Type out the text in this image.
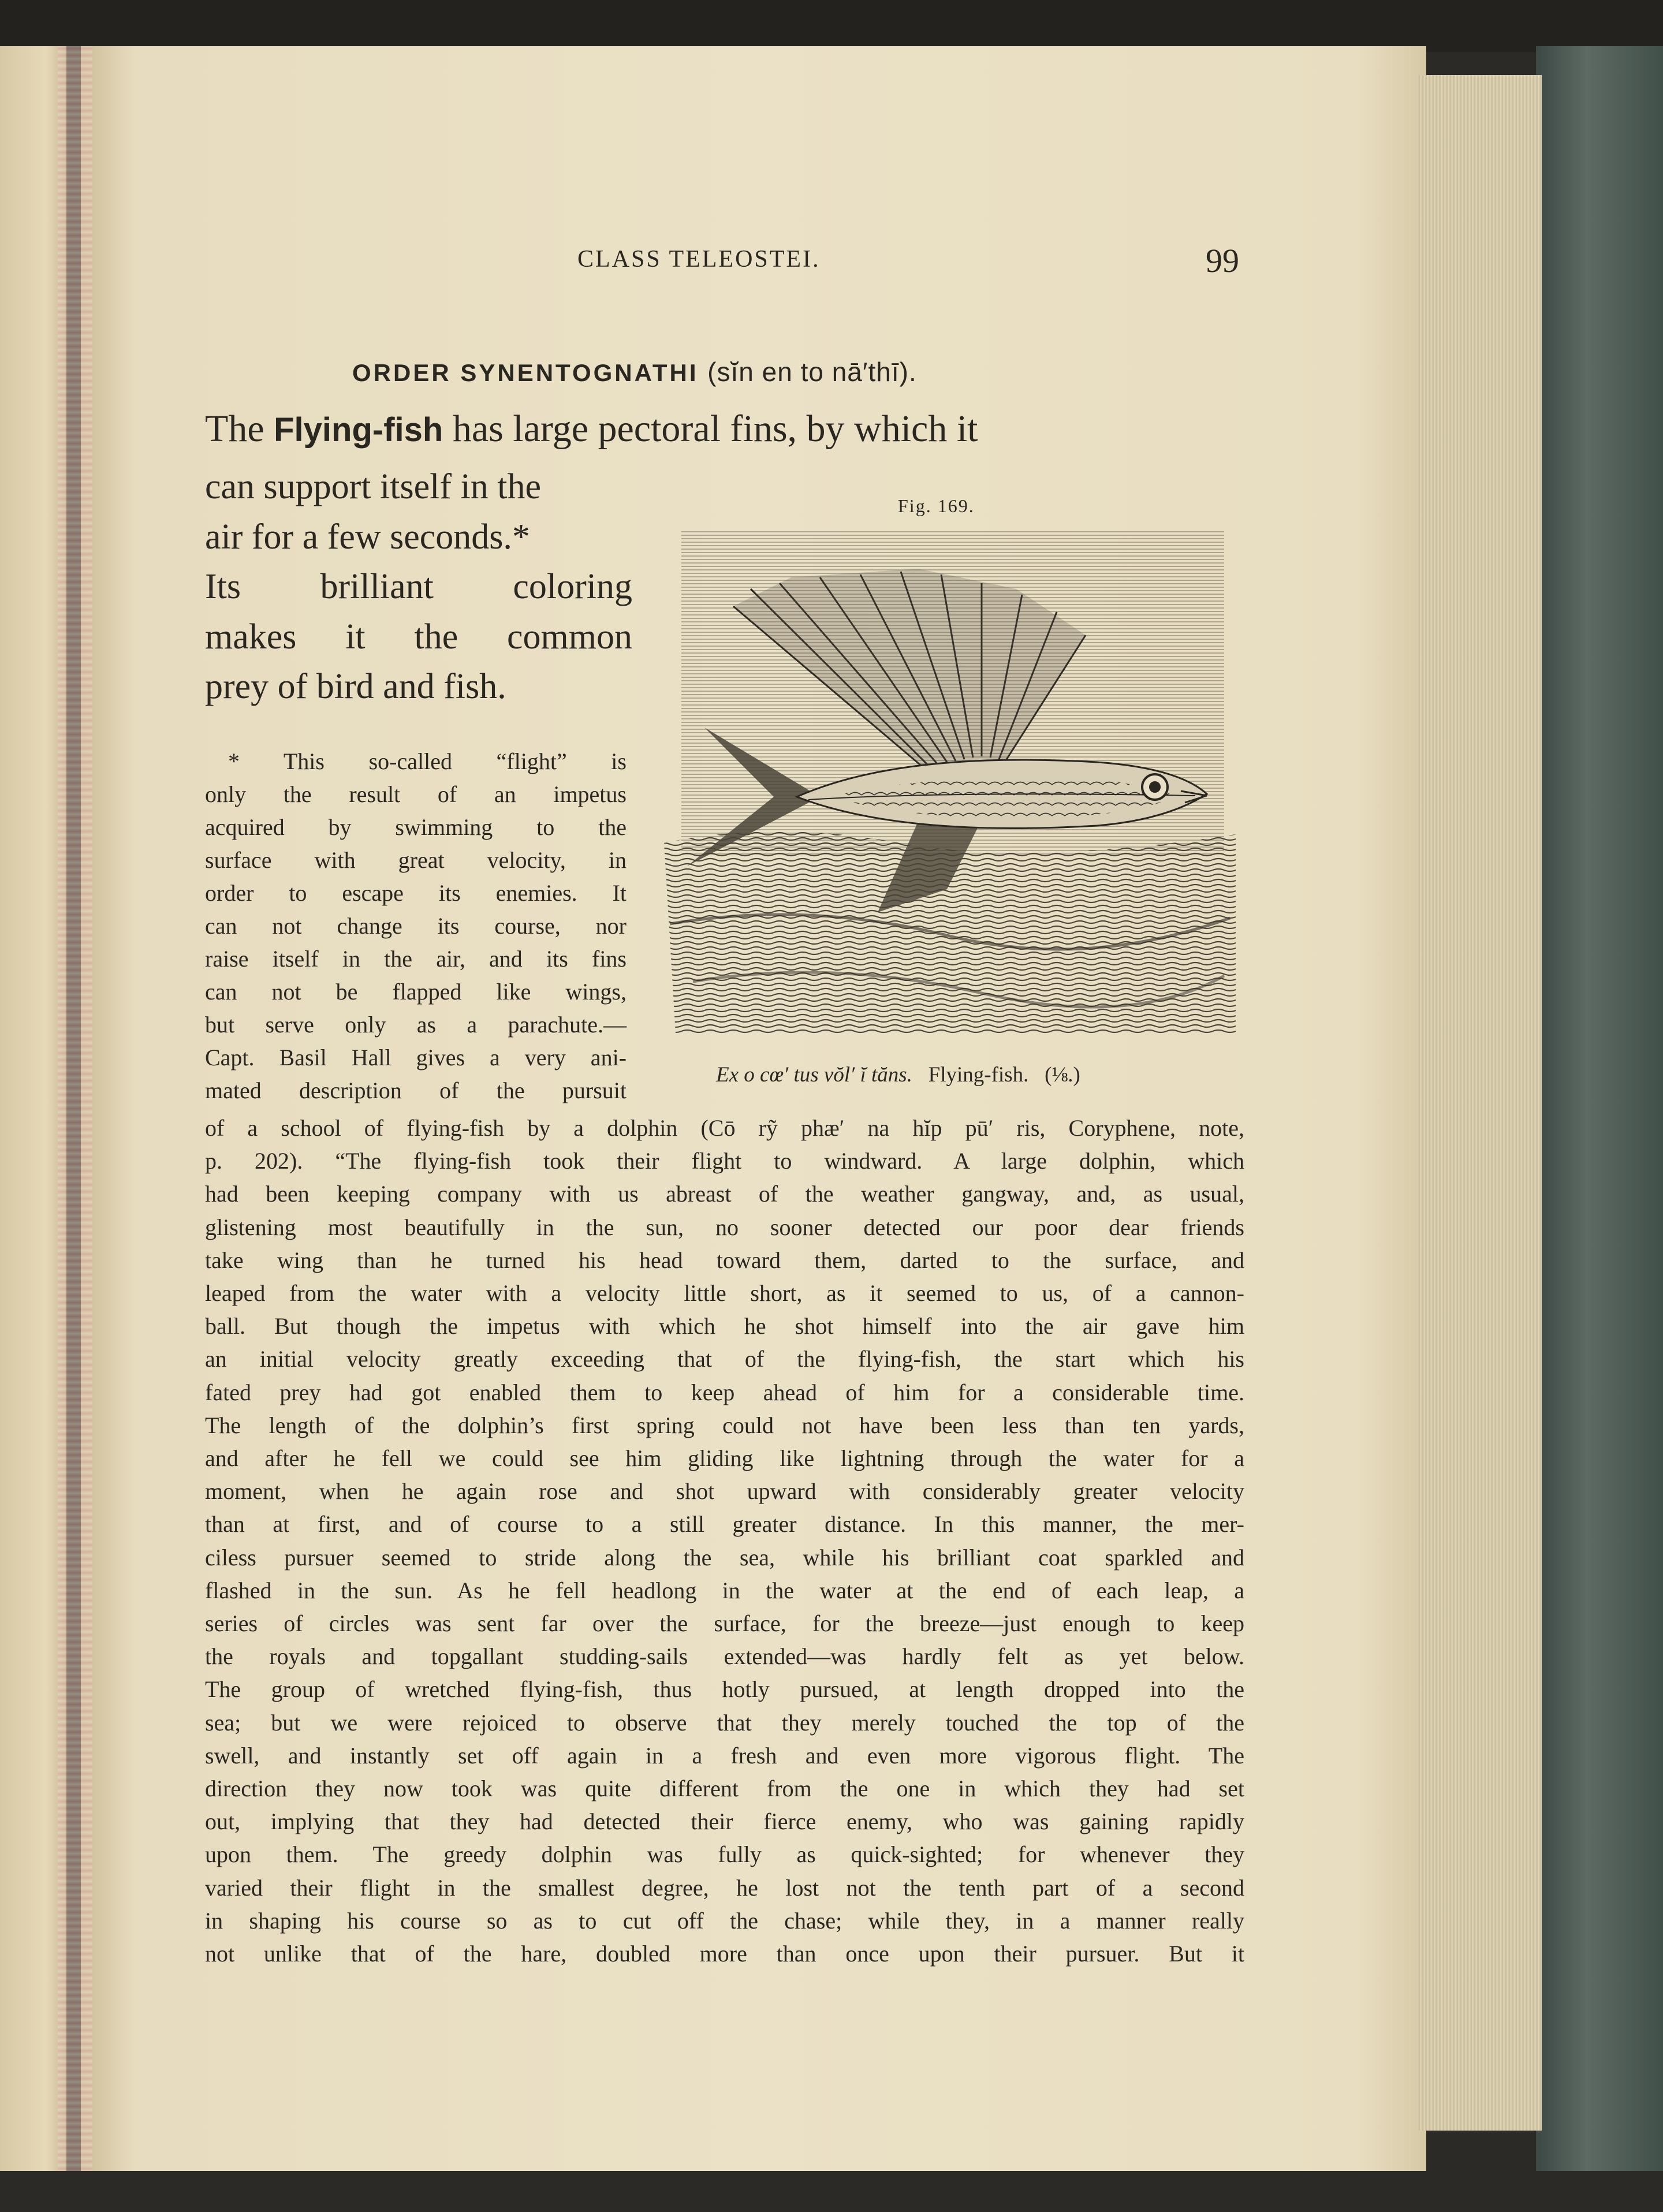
CLASS TELEOSTEI.	99
ORDER SYNENTOGNATHI (sĭn en to nā′thī).
The Flying-fish has large pectoral fins, by which it
can support itself in the
air for a few seconds.*
Its brilliant coloring
makes it the common
prey of bird and fish.
Fig. 169.
Ex o cœ′ tus vŏl′ ĭ tăns. Flying-fish. (⅛.)
* This so-called “flight” is
only the result of an impetus
acquired by swimming to the
surface with great velocity, in
order to escape its enemies. It
can not change its course, nor
raise itself in the air, and its fins
can not be flapped like wings,
but serve only as a parachute.—
Capt. Basil Hall gives a very ani-
mated description of the pursuit
of a school of flying-fish by a dolphin (Cō rỹ phæ′ na hĭp pū′ ris, Coryphene, note,
p. 202). “The flying-fish took their flight to windward. A large dolphin, which
had been keeping company with us abreast of the weather gangway, and, as usual,
glistening most beautifully in the sun, no sooner detected our poor dear friends
take wing than he turned his head toward them, darted to the surface, and
leaped from the water with a velocity little short, as it seemed to us, of a cannon-
ball. But though the impetus with which he shot himself into the air gave him
an initial velocity greatly exceeding that of the flying-fish, the start which his
fated prey had got enabled them to keep ahead of him for a considerable time.
The length of the dolphin’s first spring could not have been less than ten yards,
and after he fell we could see him gliding like lightning through the water for a
moment, when he again rose and shot upward with considerably greater velocity
than at first, and of course to a still greater distance. In this manner, the mer-
ciless pursuer seemed to stride along the sea, while his brilliant coat sparkled and
flashed in the sun. As he fell headlong in the water at the end of each leap, a
series of circles was sent far over the surface, for the breeze—just enough to keep
the royals and topgallant studding-sails extended—was hardly felt as yet below.
The group of wretched flying-fish, thus hotly pursued, at length dropped into the
sea; but we were rejoiced to observe that they merely touched the top of the
swell, and instantly set off again in a fresh and even more vigorous flight. The
direction they now took was quite different from the one in which they had set
out, implying that they had detected their fierce enemy, who was gaining rapidly
upon them. The greedy dolphin was fully as quick-sighted; for whenever they
varied their flight in the smallest degree, he lost not the tenth part of a second
in shaping his course so as to cut off the chase; while they, in a manner really
not unlike that of the hare, doubled more than once upon their pursuer. But it
